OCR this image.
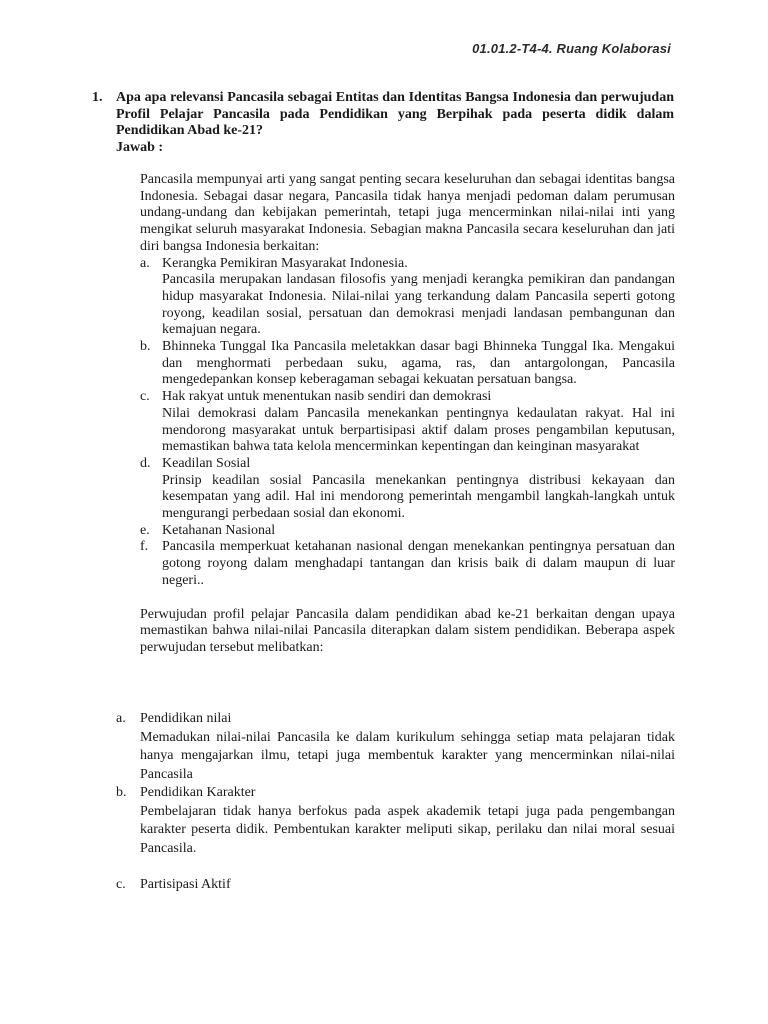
01.01.2-T4-4. Ruang Kolaborasi
1. Apa apa relevansi Pancasila sebagai Entitas dan Identitas Bangsa Indonesia dan perwujudan Profil Pelajar Pancasila pada Pendidikan yang Berpihak pada peserta didik dalam Pendidikan Abad ke-21?
Jawab :

Pancasila mempunyai arti yang sangat penting secara keseluruhan dan sebagai identitas bangsa Indonesia. Sebagai dasar negara, Pancasila tidak hanya menjadi pedoman dalam perumusan undang-undang dan kebijakan pemerintah, tetapi juga mencerminkan nilai-nilai inti yang mengikat seluruh masyarakat Indonesia. Sebagian makna Pancasila secara keseluruhan dan jati diri bangsa Indonesia berkaitan:

a. Kerangka Pemikiran Masyarakat Indonesia.
Pancasila merupakan landasan filosofis yang menjadi kerangka pemikiran dan pandangan hidup masyarakat Indonesia. Nilai-nilai yang terkandung dalam Pancasila seperti gotong royong, keadilan sosial, persatuan dan demokrasi menjadi landasan pembangunan dan kemajuan negara.
b. Bhinneka Tunggal Ika Pancasila meletakkan dasar bagi Bhinneka Tunggal Ika. Mengakui dan menghormati perbedaan suku, agama, ras, dan antargolongan, Pancasila mengedepankan konsep keberagaman sebagai kekuatan persatuan bangsa.
c. Hak rakyat untuk menentukan nasib sendiri dan demokrasi
Nilai demokrasi dalam Pancasila menekankan pentingnya kedaulatan rakyat. Hal ini mendorong masyarakat untuk berpartisipasi aktif dalam proses pengambilan keputusan, memastikan bahwa tata kelola mencerminkan kepentingan dan keinginan masyarakat
d. Keadilan Sosial
Prinsip keadilan sosial Pancasila menekankan pentingnya distribusi kekayaan dan kesempatan yang adil. Hal ini mendorong pemerintah mengambil langkah-langkah untuk mengurangi perbedaan sosial dan ekonomi.
e. Ketahanan Nasional
f. Pancasila memperkuat ketahanan nasional dengan menekankan pentingnya persatuan dan gotong royong dalam menghadapi tantangan dan krisis baik di dalam maupun di luar negeri..

Perwujudan profil pelajar Pancasila dalam pendidikan abad ke-21 berkaitan dengan upaya memastikan bahwa nilai-nilai Pancasila diterapkan dalam sistem pendidikan. Beberapa aspek perwujudan tersebut melibatkan:

a.	Pendidikan nilai
Memadukan nilai-nilai Pancasila ke dalam kurikulum sehingga setiap mata pelajaran tidak hanya mengajarkan ilmu, tetapi juga membentuk karakter yang mencerminkan nilai-nilai Pancasila
b. Pendidikan Karakter
Pembelajaran tidak hanya berfokus pada aspek akademik tetapi juga pada pengembangan karakter peserta didik. Pembentukan karakter meliputi sikap, perilaku dan nilai moral sesuai Pancasila.
c.	Partisipasi Aktif
